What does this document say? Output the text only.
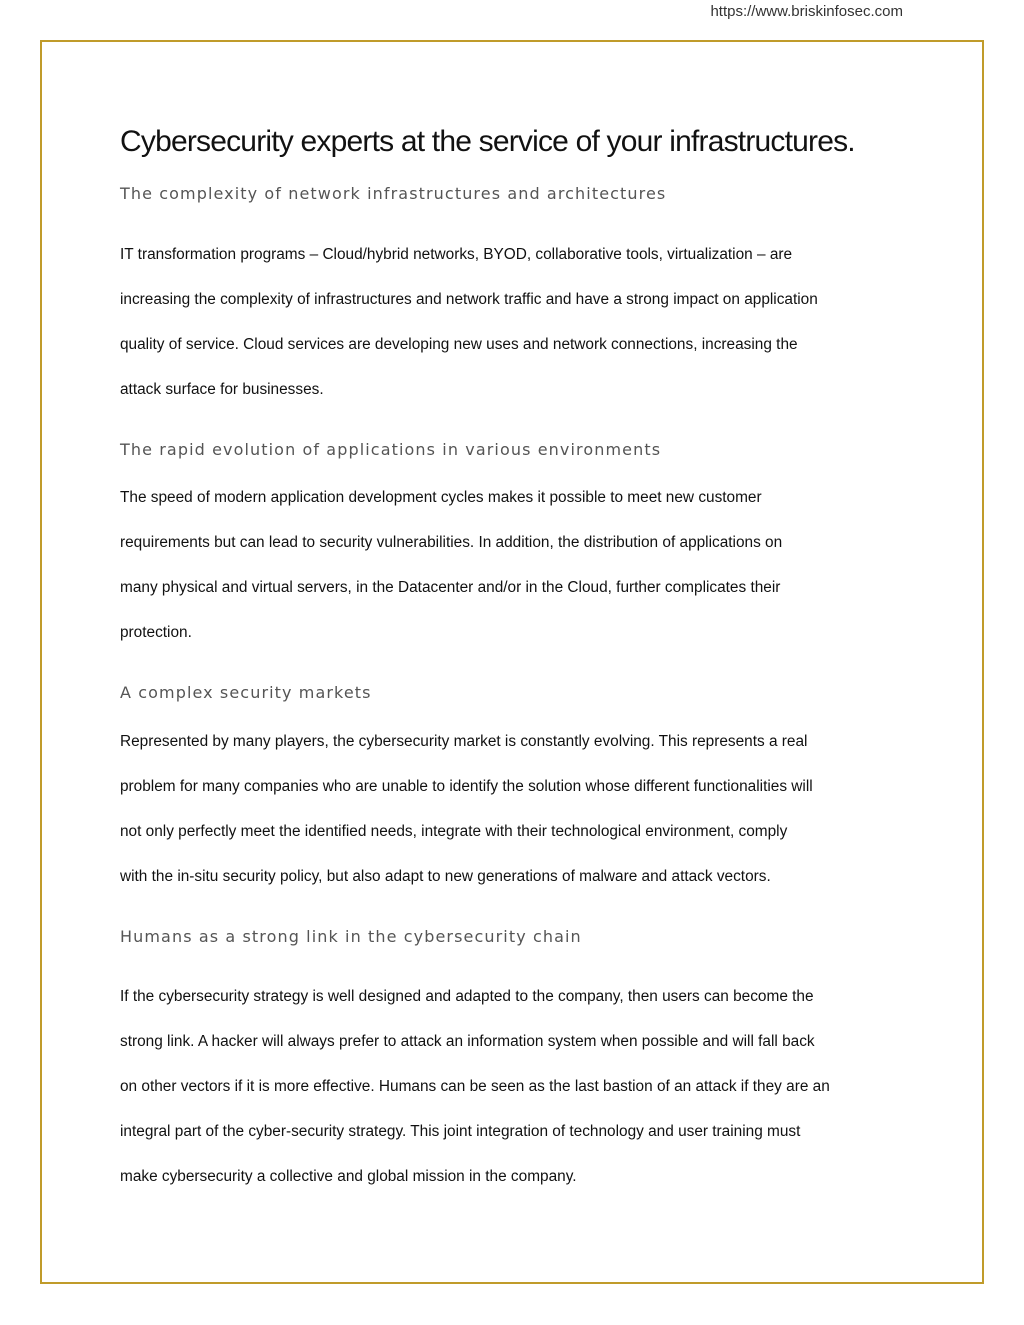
https://www.briskinfosec.com
Cybersecurity experts at the service of your infrastructures.
The complexity of network infrastructures and architectures
IT transformation programs – Cloud/hybrid networks, BYOD, collaborative tools, virtualization – are
increasing the complexity of infrastructures and network traffic and have a strong impact on application
quality of service. Cloud services are developing new uses and network connections, increasing the
attack surface for businesses.
The rapid evolution of applications in various environments
The speed of modern application development cycles makes it possible to meet new customer
requirements but can lead to security vulnerabilities. In addition, the distribution of applications on
many physical and virtual servers, in the Datacenter and/or in the Cloud, further complicates their
protection.
A complex security markets
Represented by many players, the cybersecurity market is constantly evolving. This represents a real
problem for many companies who are unable to identify the solution whose different functionalities will
not only perfectly meet the identified needs, integrate with their technological environment, comply
with the in-situ security policy, but also adapt to new generations of malware and attack vectors.
Humans as a strong link in the cybersecurity chain
If the cybersecurity strategy is well designed and adapted to the company, then users can become the
strong link. A hacker will always prefer to attack an information system when possible and will fall back
on other vectors if it is more effective. Humans can be seen as the last bastion of an attack if they are an
integral part of the cyber-security strategy. This joint integration of technology and user training must
make cybersecurity a collective and global mission in the company.
